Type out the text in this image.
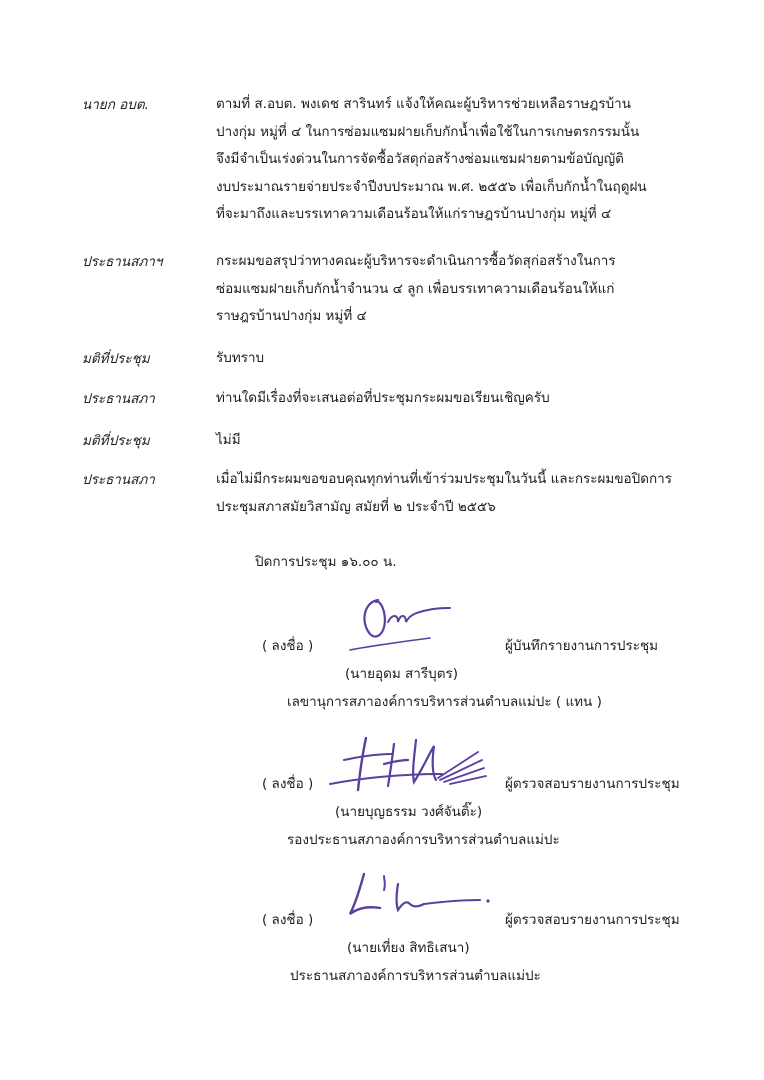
นายก อบต.	ตามที่ ส.อบต. พงเดช สารินทร์ แจ้งให้คณะผู้บริหารช่วยเหลือราษฎรบ้าน
ปางกุ่ม หมู่ที่ ๔ ในการซ่อมแซมฝายเก็บกักน้ำเพื่อใช้ในการเกษตรกรรมนั้น
จึงมีจำเป็นเร่งด่วนในการจัดซื้อวัสดุก่อสร้างซ่อมแซมฝายตามข้อบัญญัติ
งบประมาณรายจ่ายประจำปีงบประมาณ พ.ศ. ๒๕๕๖ เพื่อเก็บกักน้ำในฤดูฝน
ที่จะมาถึงและบรรเทาความเดือนร้อนให้แก่ราษฎรบ้านปางกุ่ม หมู่ที่ ๔
ประธานสภาฯ	กระผมขอสรุปว่าทางคณะผู้บริหารจะดำเนินการซื้อวัดสุก่อสร้างในการ
ซ่อมแซมฝายเก็บกักน้ำจำนวน ๔ ลูก เพื่อบรรเทาความเดือนร้อนให้แก่
ราษฎรบ้านปางกุ่ม หมู่ที่ ๔
มติที่ประชุม	รับทราบ
ประธานสภา	ท่านใดมีเรื่องที่จะเสนอต่อที่ประชุมกระผมขอเรียนเชิญครับ
มติที่ประชุม	ไม่มี
ประธานสภา	เมื่อไม่มีกระผมขอขอบคุณทุกท่านที่เข้าร่วมประชุมในวันนี้ และกระผมขอปิดการ
ประชุมสภาสมัยวิสามัญ สมัยที่ ๒ ประจำปี ๒๕๕๖
ปิดการประชุม ๑๖.๐๐ น.
( ลงชื่อ )	ผู้บันทึกรายงานการประชุม
(นายอุดม สารีบุตร)
เลขานุการสภาองค์การบริหารส่วนตำบลแม่ปะ ( แทน )
( ลงชื่อ )	ผู้ตรวจสอบรายงานการประชุม
(นายบุญธรรม วงศ์จันติ๊ะ)
รองประธานสภาองค์การบริหารส่วนตำบลแม่ปะ
( ลงชื่อ )	ผู้ตรวจสอบรายงานการประชุม
(นายเที่ยง สิทธิเสนา)
ประธานสภาองค์การบริหารส่วนตำบลแม่ปะ
